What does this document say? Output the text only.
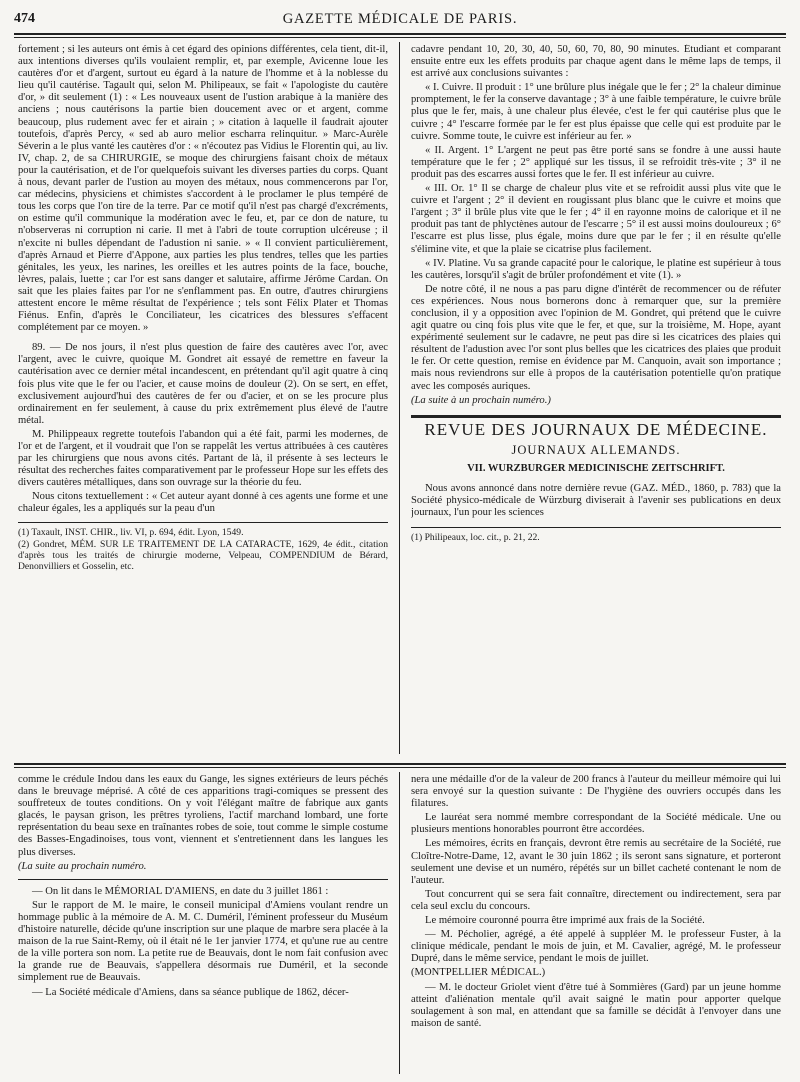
474	GAZETTE MÉDICALE DE PARIS.

fortement ; si les auteurs ont émis à cet égard des opinions différentes, cela tient, dit-il, aux intentions diverses qu'ils voulaient remplir, et, par exemple, Avicenne loue les cautères d'or et d'argent, surtout eu égard à la nature de l'homme et à la noblesse du lieu qu'il cautérise. Tagault qui, selon M. Philipeaux, se fait « l'apologiste du cautère d'or, » dit seulement (1) : « Les nouveaux usent de l'ustion arabique à la manière des anciens ; nous cautérisons la partie bien doucement avec or et argent, comme beaucoup, plus rudement avec fer et airain ; » citation à laquelle il faudrait ajouter toutefois, d'après Percy, « sed ab auro melior escharra relinquitur. » Marc-Aurèle Séverin a le plus vanté les cautères d'or : « n'écoutez pas Vidius le Florentin qui, au liv. IV, chap. 2, de sa CHIRURGIE, se moque des chirurgiens faisant choix de métaux pour la cautérisation, et de l'or quelquefois suivant les diverses parties du corps. Quant à nous, devant parler de l'ustion au moyen des métaux, nous commencerons par l'or, car médecins, physiciens et chimistes s'accordent à le proclamer le plus tempéré de tous les corps que l'on tire de la terre. Par ce motif qu'il n'est pas chargé d'excréments, on estime qu'il communique la modération avec le feu, et, par ce don de nature, tu n'observeras ni corruption ni carie. Il met à l'abri de toute corruption ulcéreuse ; il n'excite ni bulles dépendant de l'adustion ni sanie. » « Il convient particulièrement, d'après Arnaud et Pierre d'Appone, aux parties les plus tendres, telles que les parties génitales, les yeux, les narines, les oreilles et les autres points de la face, bouche, lèvres, palais, luette ; car l'or est sans danger et salutaire, affirme Jérôme Cardan. On sait que les plaies faites par l'or ne s'enflamment pas. En outre, d'autres chirurgiens attestent encore le même résultat de l'expérience ; tels sont Félix Plater et Thomas Fiénus. Enfin, d'après le Conciliateur, les cicatrices des blessures s'effacent complétement par ce moyen. »

89. — De nos jours, il n'est plus question de faire des cautères avec l'or, avec l'argent, avec le cuivre, quoique M. Gondret ait essayé de remettre en faveur la cautérisation avec ce dernier métal incandescent, en prétendant qu'il agit quatre à cinq fois plus vite que le fer ou l'acier, et cause moins de douleur (2). On se sert, en effet, exclusivement aujourd'hui des cautères de fer ou d'acier, et on se les procure plus ordinairement en fer seulement, à cause du prix extrêmement plus élevé de l'autre métal.

M. Philippeaux regrette toutefois l'abandon qui a été fait, parmi les modernes, de l'or et de l'argent, et il voudrait que l'on se rappelât les vertus attribuées à ces cautères par les chirurgiens que nous avons cités. Partant de là, il présente à ses lecteurs le résultat des recherches faites comparativement par le professeur Hope sur les effets des divers cautères métalliques, dans son ouvrage sur la théorie du feu.

Nous citons textuellement : « Cet auteur ayant donné à ces agents une forme et une chaleur égales, les a appliqués sur la peau d'un

(1) Taxault, INST. CHIR., liv. VI, p. 694, édit. Lyon, 1549.

(2) Gondret, MÉM. SUR LE TRAITEMENT DE LA CATARACTE, 1629, 4e édit., citation d'après tous les traités de chirurgie moderne, Velpeau, COMPENDIUM de Bérard, Denonvilliers et Gosselin, etc.

cadavre pendant 10, 20, 30, 40, 50, 60, 70, 80, 90 minutes. Étudiant et comparant ensuite entre eux les effets produits par chaque agent dans le même laps de temps, il est arrivé aux conclusions suivantes :

« I. Cuivre. Il produit : 1° une brûlure plus inégale que le fer ; 2° la chaleur diminue promptement, le fer la conserve davantage ; 3° à une faible température, le cuivre brûle plus que le fer, mais, à une chaleur plus élevée, c'est le fer qui cautérise plus que le cuivre ; 4° l'escarre formée par le fer est plus épaisse que celle qui est produite par le cuivre. Somme toute, le cuivre est inférieur au fer. »

« II. Argent. 1° L'argent ne peut pas être porté sans se fondre à une aussi haute température que le fer ; 2° appliqué sur les tissus, il se refroidit très-vite ; 3° il ne produit pas des escarres aussi fortes que le fer. Il est inférieur au cuivre.

« III. Or. 1° Il se charge de chaleur plus vite et se refroidit aussi plus vite que le cuivre et l'argent ; 2° il devient en rougissant plus blanc que le cuivre et moins que l'argent ; 3° il brûle plus vite que le fer ; 4° il en rayonne moins de calorique et il ne produit pas tant de phlyctènes autour de l'escarre ; 5° il est aussi moins douloureux ; 6° l'escarre est plus lisse, plus égale, moins dure que par le fer ; il en résulte qu'elle s'élimine vite, et que la plaie se cicatrise plus facilement.

« IV. Platine. Vu sa grande capacité pour le calorique, le platine est supérieur à tous les cautères, lorsqu'il s'agit de brûler profondément et vite (1). »

De notre côté, il ne nous a pas paru digne d'intérêt de recommencer ou de réfuter ces expériences. Nous nous bornerons donc à remarquer que, sur la première conclusion, il y a opposition avec l'opinion de M. Gondret, qui prétend que le cuivre agit quatre ou cinq fois plus vite que le fer, et que, sur la troisième, M. Hope, ayant expérimenté seulement sur le cadavre, ne peut pas dire si les cicatrices des plaies qui résultent de l'adustion avec l'or sont plus belles que les cicatrices des plaies que produit le fer. Or cette question, remise en évidence par M. Canquoin, avait son importance ; mais nous reviendrons sur elle à propos de la cautérisation potentielle qu'on pratique avec les composés auriques.

(La suite à un prochain numéro.)

REVUE DES JOURNAUX DE MÉDECINE.
JOURNAUX ALLEMANDS.
VII. WURZBURGER MEDICINISCHE ZEITSCHRIFT.

Nous avons annoncé dans notre dernière revue (GAZ. MÉD., 1860, p. 783) que la Société physico-médicale de Würzburg diviserait à l'avenir ses publications en deux journaux, l'un pour les sciences

(1) Philipeaux, loc. cit., p. 21, 22.

comme le crédule Indou dans les eaux du Gange, les signes extérieurs de leurs péchés dans le breuvage méprisé. A côté de ces apparitions tragi-comiques se pressent des souffreteux de toutes conditions. On y voit l'élégant maître de fabrique aux gants glacés, le paysan grison, les prêtres tyroliens, l'actif marchand lombard, une forte représentation du beau sexe en traînantes robes de soie, tout comme le simple costume des Basses-Engadinoises, tous vont, viennent et s'entretiennent dans les langues les plus diverses.

(La suite au prochain numéro.

— On lit dans le MÉMORIAL D'AMIENS, en date du 3 juillet 1861 :

Sur le rapport de M. le maire, le conseil municipal d'Amiens voulant rendre un hommage public à la mémoire de A. M. C. Duméril, l'éminent professeur du Muséum d'histoire naturelle, décide qu'une inscription sur une plaque de marbre sera placée à la maison de la rue Saint-Remy, où il était né le 1er janvier 1774, et qu'une rue au centre de la ville portera son nom. La petite rue de Beauvais, dont le nom fait confusion avec la grande rue de Beauvais, s'appellera désormais rue Duméril, et la seconde simplement rue de Beauvais.

— La Société médicale d'Amiens, dans sa séance publique de 1862, décer-

nera une médaille d'or de la valeur de 200 francs à l'auteur du meilleur mémoire qui lui sera envoyé sur la question suivante : De l'hygiène des ouvriers occupés dans les filatures.

Le lauréat sera nommé membre correspondant de la Société médicale. Une ou plusieurs mentions honorables pourront être accordées.

Les mémoires, écrits en français, devront être remis au secrétaire de la Société, rue Cloître-Notre-Dame, 12, avant le 30 juin 1862 ; ils seront sans signature, et porteront seulement une devise et un numéro, répétés sur un billet cacheté contenant le nom de l'auteur.

Tout concurrent qui se sera fait connaître, directement ou indirectement, sera par cela seul exclu du concours.

Le mémoire couronné pourra être imprimé aux frais de la Société.

— M. Pécholier, agrégé, a été appelé à suppléer M. le professeur Fuster, à la clinique médicale, pendant le mois de juin, et M. Cavalier, agrégé, M. le professeur Dupré, dans le même service, pendant le mois de juillet.

(MONTPELLIER MÉDICAL.)

— M. le docteur Griolet vient d'être tué à Sommières (Gard) par un jeune homme atteint d'aliénation mentale qu'il avait saigné le matin pour apporter quelque soulagement à son mal, en attendant que sa famille se décidât à l'envoyer dans une maison de santé.
